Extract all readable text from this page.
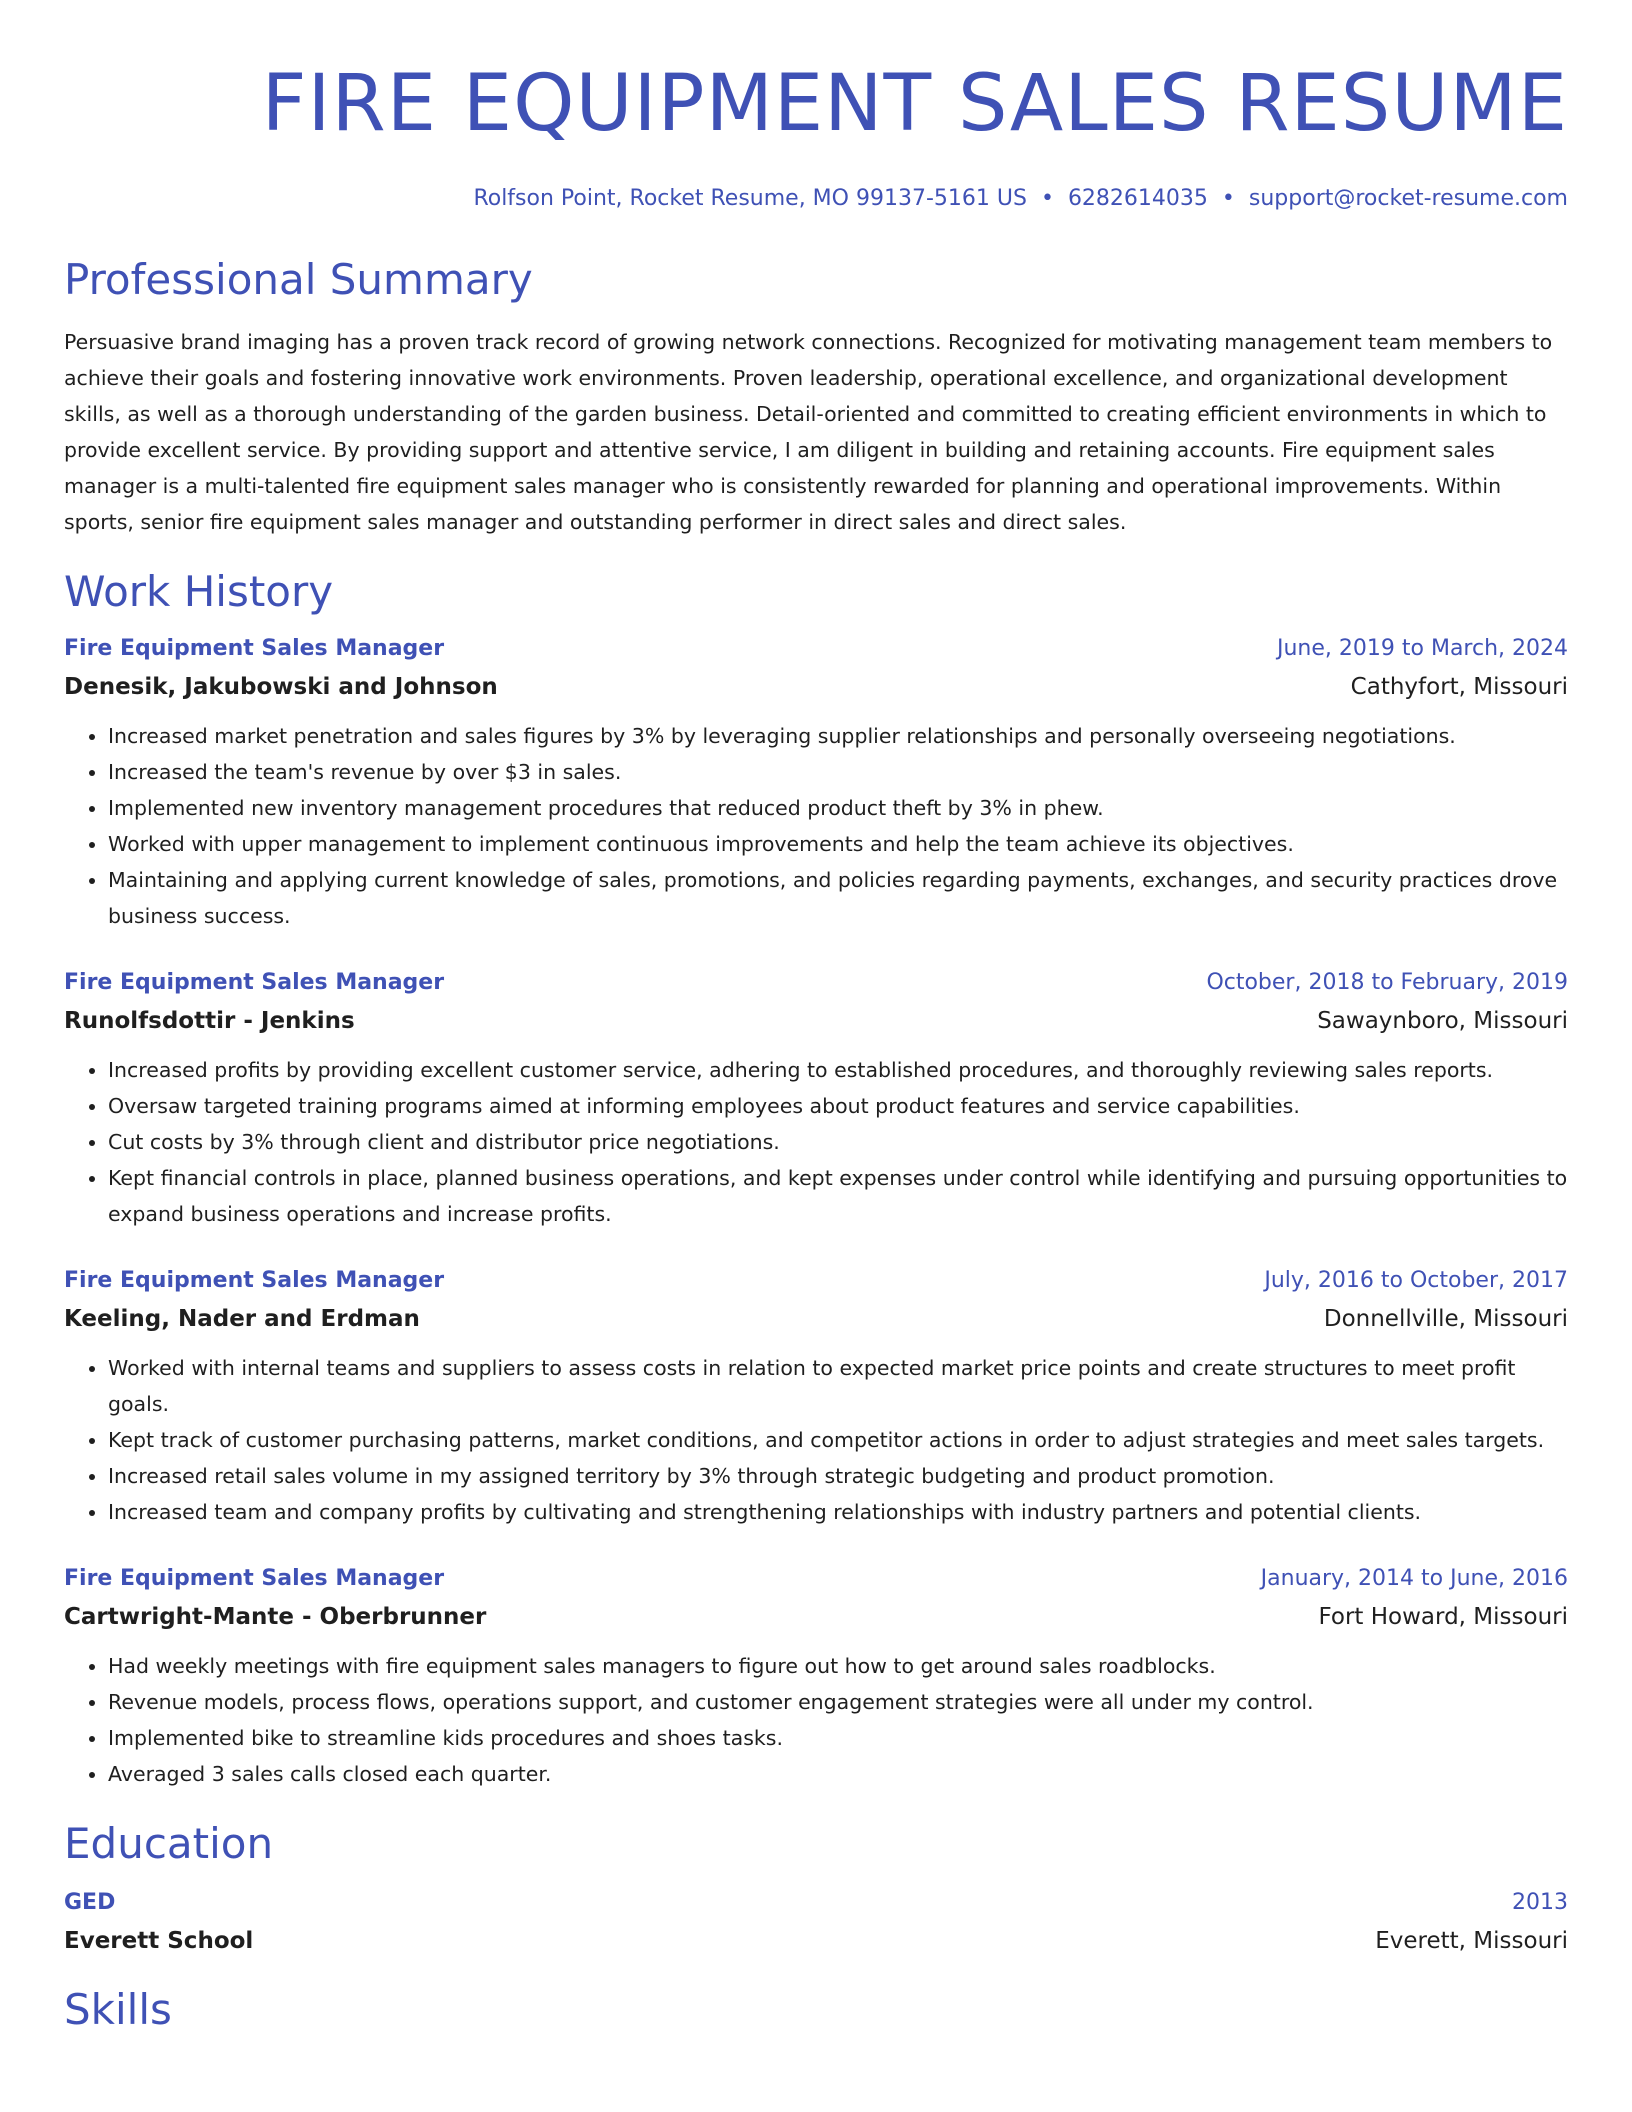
FIRE EQUIPMENT SALES RESUME
Rolfson Point, Rocket Resume, MO 99137-5161 US • 6282614035 • support@rocket-resume.com
Professional Summary

Persuasive brand imaging has a proven track record of growing network connections. Recognized for motivating management team members to achieve their goals and fostering innovative work environments. Proven leadership, operational excellence, and organizational development skills, as well as a thorough understanding of the garden business. Detail-oriented and committed to creating efficient environments in which to provide excellent service. By providing support and attentive service, I am diligent in building and retaining accounts. Fire equipment sales manager is a multi-talented fire equipment sales manager who is consistently rewarded for planning and operational improvements. Within sports, senior fire equipment sales manager and outstanding performer in direct sales and direct sales.

Work History
Fire Equipment Sales Manager	June, 2019 to March, 2024
Denesik, Jakubowski and Johnson	Cathyfort, Missouri
• Increased market penetration and sales figures by 3% by leveraging supplier relationships and personally overseeing negotiations.
• Increased the team's revenue by over $3 in sales.
• Implemented new inventory management procedures that reduced product theft by 3% in phew.
• Worked with upper management to implement continuous improvements and help the team achieve its objectives.
• Maintaining and applying current knowledge of sales, promotions, and policies regarding payments, exchanges, and security practices drove business success.
Fire Equipment Sales Manager	October, 2018 to February, 2019
Runolfsdottir - Jenkins	Sawaynboro, Missouri
• Increased profits by providing excellent customer service, adhering to established procedures, and thoroughly reviewing sales reports.
• Oversaw targeted training programs aimed at informing employees about product features and service capabilities.
• Cut costs by 3% through client and distributor price negotiations.
• Kept financial controls in place, planned business operations, and kept expenses under control while identifying and pursuing opportunities to expand business operations and increase profits.
Fire Equipment Sales Manager	July, 2016 to October, 2017
Keeling, Nader and Erdman	Donnellville, Missouri
• Worked with internal teams and suppliers to assess costs in relation to expected market price points and create structures to meet profit goals.
• Kept track of customer purchasing patterns, market conditions, and competitor actions in order to adjust strategies and meet sales targets.
• Increased retail sales volume in my assigned territory by 3% through strategic budgeting and product promotion.
• Increased team and company profits by cultivating and strengthening relationships with industry partners and potential clients.
Fire Equipment Sales Manager	January, 2014 to June, 2016
Cartwright-Mante - Oberbrunner	Fort Howard, Missouri
• Had weekly meetings with fire equipment sales managers to figure out how to get around sales roadblocks.
• Revenue models, process flows, operations support, and customer engagement strategies were all under my control.
• Implemented bike to streamline kids procedures and shoes tasks.
• Averaged 3 sales calls closed each quarter.
Education
GED	2013
Everett School	Everett, Missouri
Skills
